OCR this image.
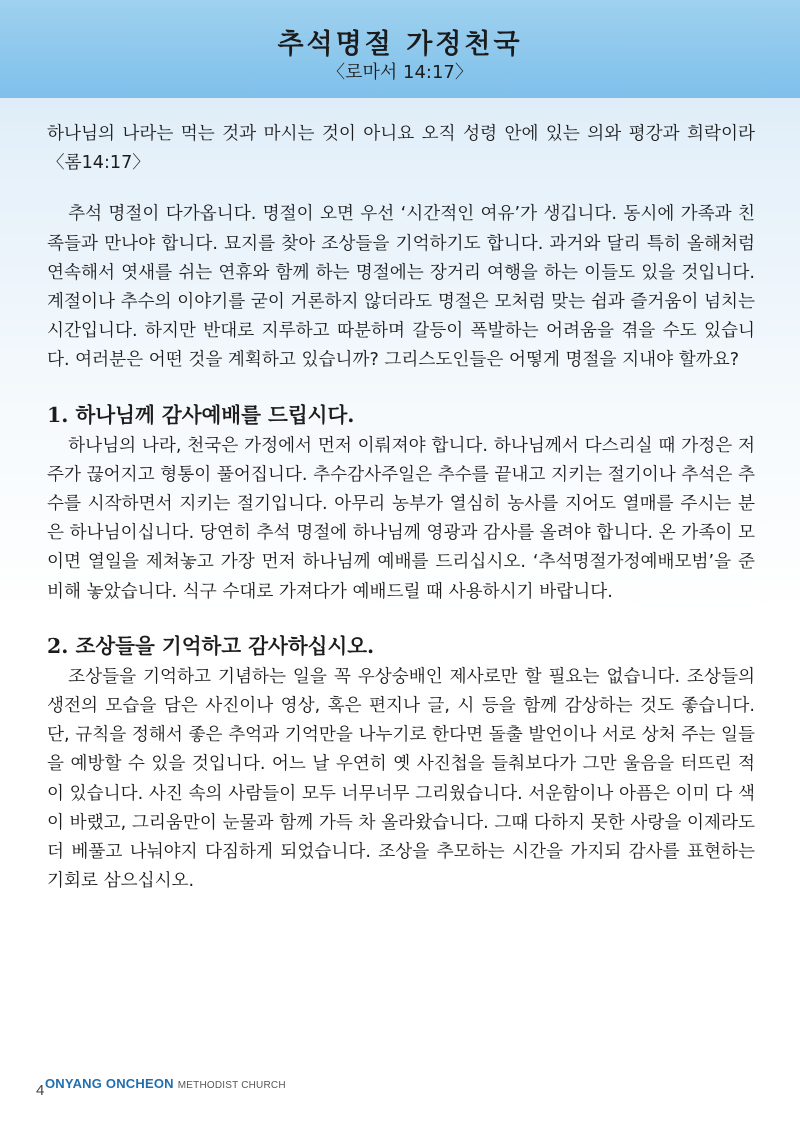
추석명절 가정천국
〈로마서 14:17〉

하나님의 나라는 먹는 것과 마시는 것이 아니요 오직 성령 안에 있는 의와 평강과 희락이라〈롬14:17〉

추석 명절이 다가옵니다. 명절이 오면 우선 ‘시간적인 여유’가 생깁니다. 동시에 가족과 친족들과 만나야 합니다. 묘지를 찾아 조상들을 기억하기도 합니다. 과거와 달리 특히 올해처럼 연속해서 엿새를 쉬는 연휴와 함께 하는 명절에는 장거리 여행을 하는 이들도 있을 것입니다. 계절이나 추수의 이야기를 굳이 거론하지 않더라도 명절은 모처럼 맞는 쉼과 즐거움이 넘치는 시간입니다. 하지만 반대로 지루하고 따분하며 갈등이 폭발하는 어려움을 겪을 수도 있습니다. 여러분은 어떤 것을 계획하고 있습니까? 그리스도인들은 어떻게 명절을 지내야 할까요?

1. 하나님께 감사예배를 드립시다.

하나님의 나라, 천국은 가정에서 먼저 이뤄져야 합니다. 하나님께서 다스리실 때 가정은 저주가 끊어지고 형통이 풀어집니다. 추수감사주일은 추수를 끝내고 지키는 절기이나 추석은 추수를 시작하면서 지키는 절기입니다. 아무리 농부가 열심히 농사를 지어도 열매를 주시는 분은 하나님이십니다. 당연히 추석 명절에 하나님께 영광과 감사를 올려야 합니다. 온 가족이 모이면 열일을 제쳐놓고 가장 먼저 하나님께 예배를 드리십시오. ‘추석명절가정예배모범’을 준비해 놓았습니다. 식구 수대로 가져다가 예배드릴 때 사용하시기 바랍니다.

2. 조상들을 기억하고 감사하십시오.

조상들을 기억하고 기념하는 일을 꼭 우상숭배인 제사로만 할 필요는 없습니다. 조상들의 생전의 모습을 담은 사진이나 영상, 혹은 편지나 글, 시 등을 함께 감상하는 것도 좋습니다. 단, 규칙을 정해서 좋은 추억과 기억만을 나누기로 한다면 돌출 발언이나 서로 상처 주는 일들을 예방할 수 있을 것입니다. 어느 날 우연히 옛 사진첩을 들춰보다가 그만 울음을 터뜨린 적이 있습니다. 사진 속의 사람들이 모두 너무너무 그리웠습니다. 서운함이나 아픔은 이미 다 색이 바랬고, 그리움만이 눈물과 함께 가득 차 올라왔습니다. 그때 다하지 못한 사랑을 이제라도 더 베풀고 나눠야지 다짐하게 되었습니다. 조상을 추모하는 시간을 가지되 감사를 표현하는 기회로 삼으십시오.

4 ONYANG ONCHEON METHODIST CHURCH
